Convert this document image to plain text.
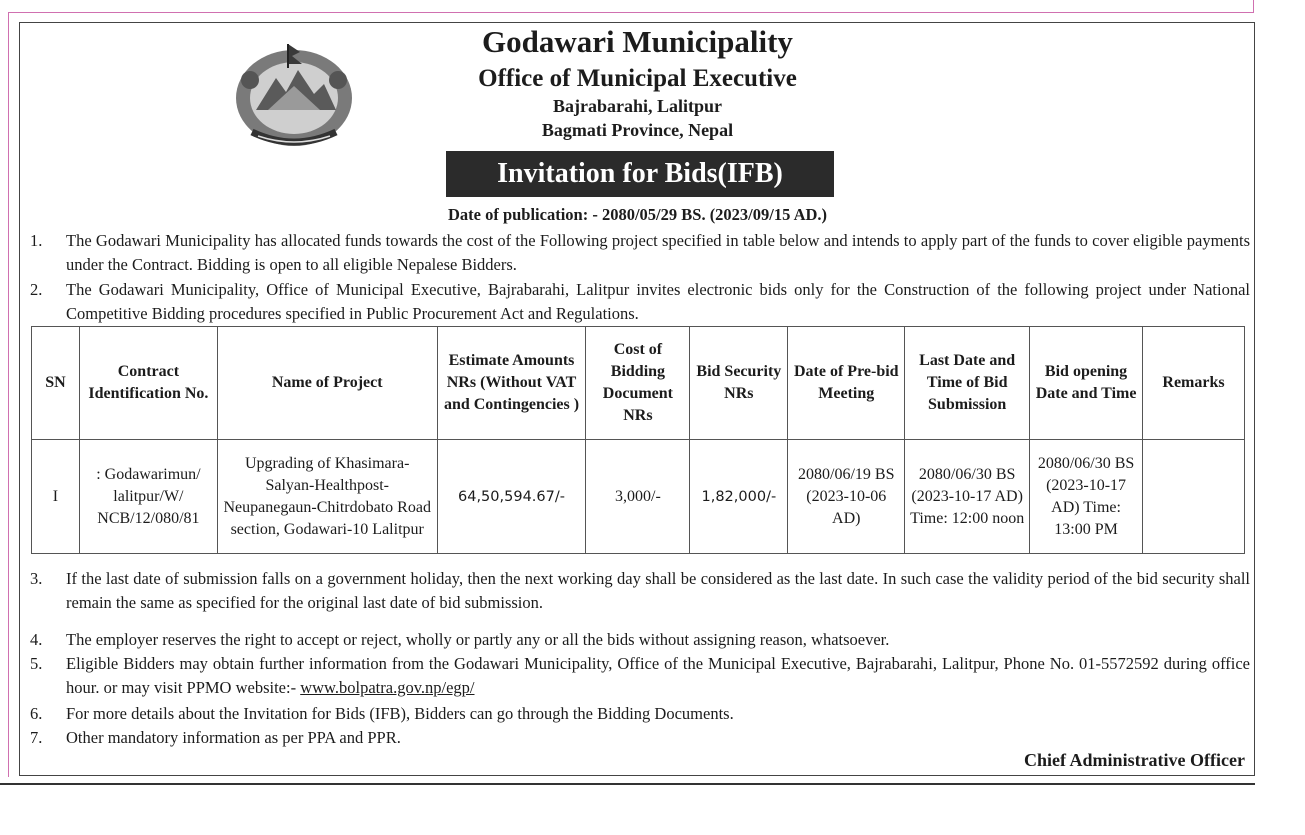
Godawari Municipality
Office of Municipal Executive
Bajrabarahi, Lalitpur
Bagmati Province, Nepal
Invitation for Bids(IFB)
Date of publication: - 2080/05/29 BS. (2023/09/15 AD.)
1. The Godawari Municipality has allocated funds towards the cost of the Following project specified in table below and intends to apply part of the funds to cover eligible payments under the Contract. Bidding is open to all eligible Nepalese Bidders.
2. The Godawari Municipality, Office of Municipal Executive, Bajrabarahi, Lalitpur invites electronic bids only for the Construction of the following project under National Competitive Bidding procedures specified in Public Procurement Act and Regulations.
SN	Contract Identification No.	Name of Project	Estimate Amounts NRs (Without VAT and Contingencies )	Cost of Bidding Document NRs	Bid Security NRs	Date of Pre-bid Meeting	Last Date and Time of Bid Submission	Bid opening Date and Time	Remarks
I	: Godawarimun/ lalitpur/W/ NCB/12/080/81	Upgrading of Khasimara-Salyan-Healthpost-Neupanegaun-Chitrdobato Road section, Godawari-10 Lalitpur	64,50,594.67/-	3,000/-	1,82,000/-	2080/06/19 BS (2023-10-06 AD)	2080/06/30 BS (2023-10-17 AD) Time: 12:00 noon	2080/06/30 BS (2023-10-17 AD) Time: 13:00 PM	
3. If the last date of submission falls on a government holiday, then the next working day shall be considered as the last date. In such case the validity period of the bid security shall remain the same as specified for the original last date of bid submission.
4. The employer reserves the right to accept or reject, wholly or partly any or all the bids without assigning reason, whatsoever.
5. Eligible Bidders may obtain further information from the Godawari Municipality, Office of the Municipal Executive, Bajrabarahi, Lalitpur, Phone No. 01-5572592 during office hour. or may visit PPMO website:- www.bolpatra.gov.np/egp/
6. For more details about the Invitation for Bids (IFB), Bidders can go through the Bidding Documents.
7. Other mandatory information as per PPA and PPR.
Chief Administrative Officer
